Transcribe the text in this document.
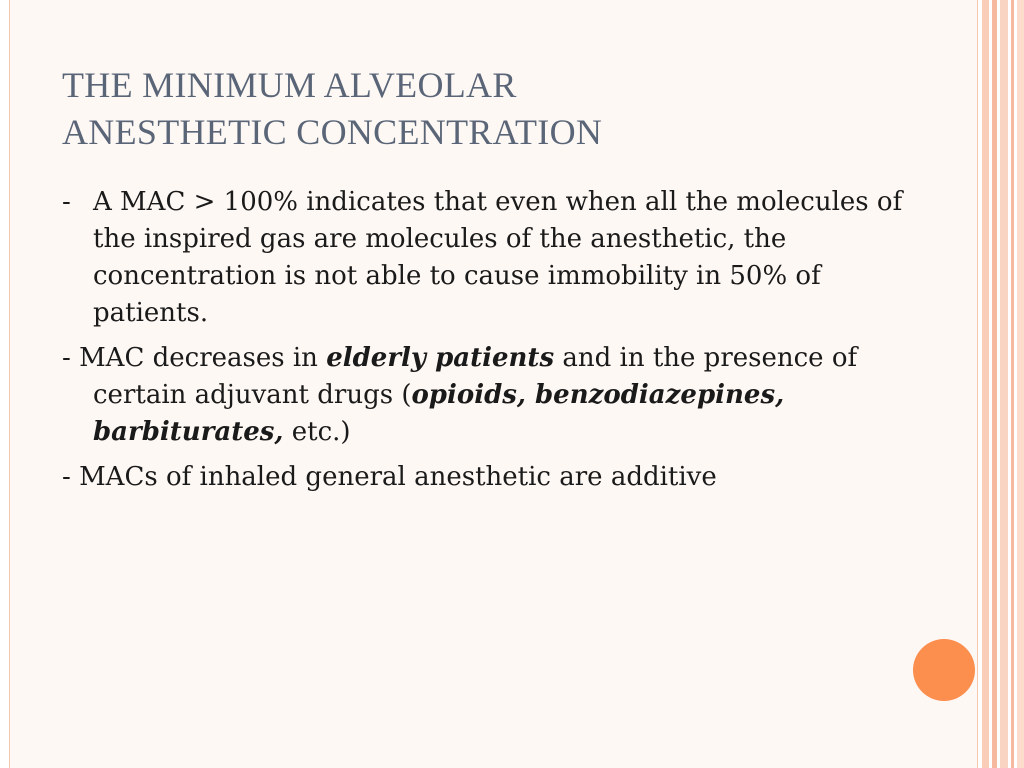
THE MINIMUM ALVEOLAR
ANESTHETIC CONCENTRATION

- A MAC > 100% indicates that even when all the molecules of the inspired gas are molecules of the anesthetic, the concentration is not able to cause immobility in 50% of patients.

- MAC decreases in elderly patients and in the presence of certain adjuvant drugs (opioids, benzodiazepines, barbiturates, etc.)

- MACs of inhaled general anesthetic are additive
